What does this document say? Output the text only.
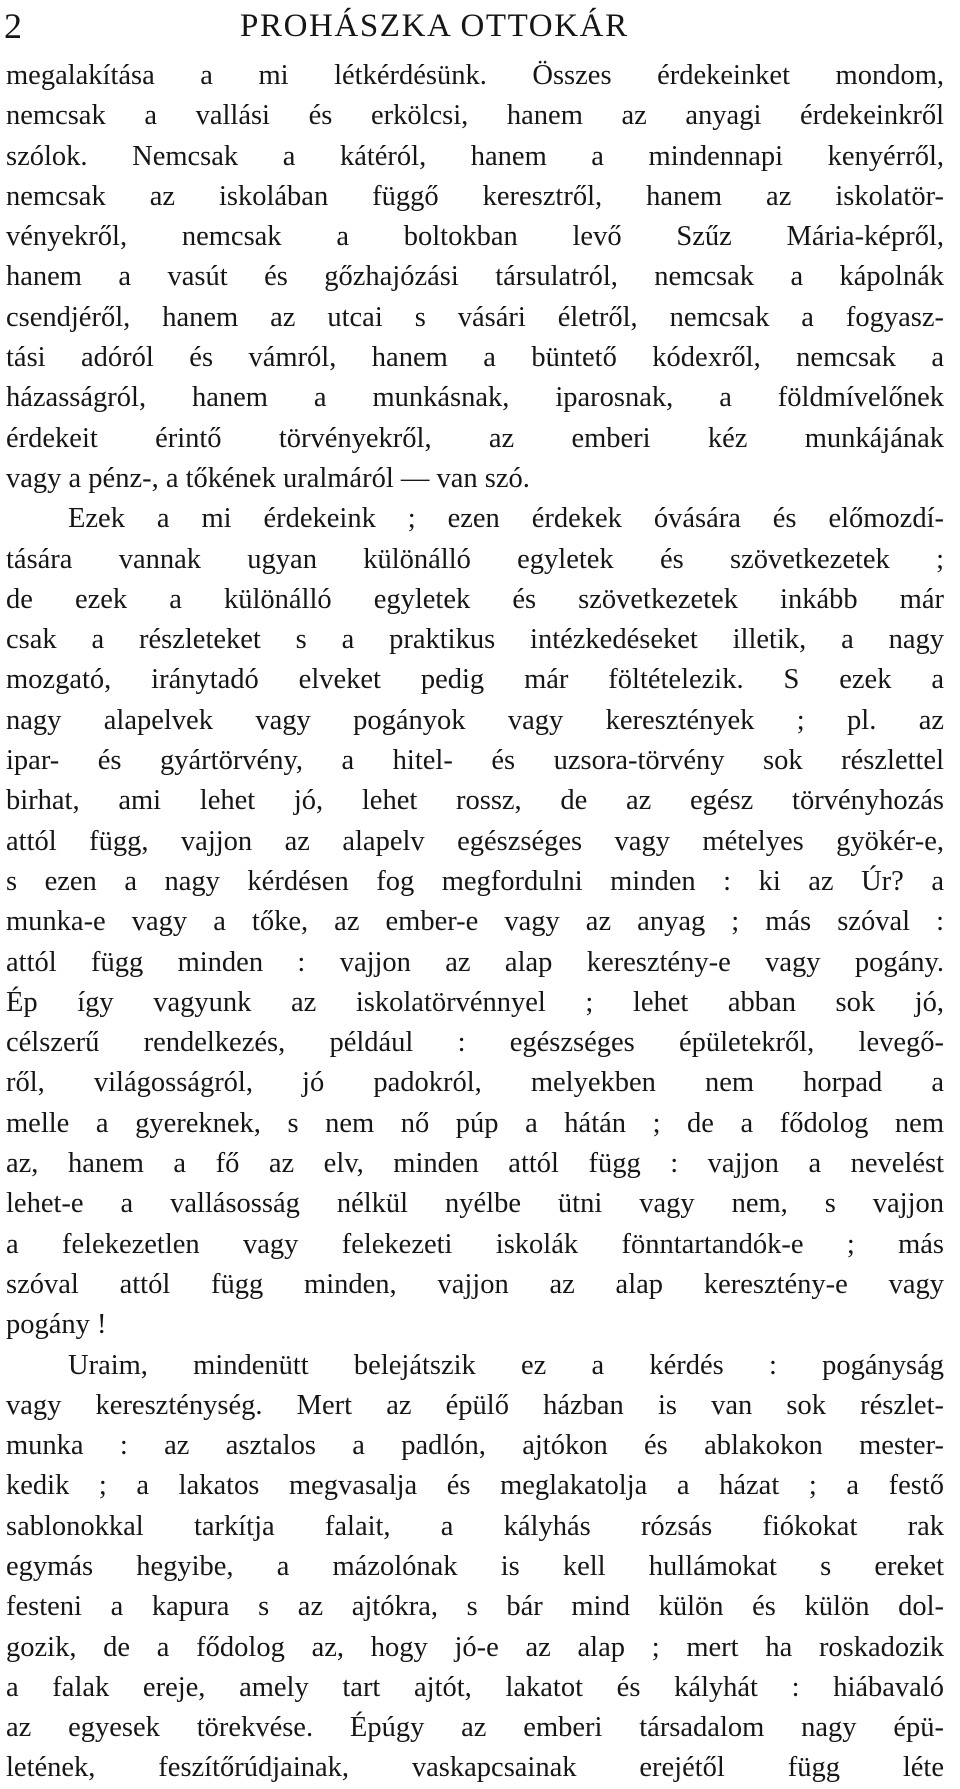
2	PROHÁSZKA OTTOKÁR
megalakítása a mi létkérdésünk. Összes érdekeinket mondom,
nemcsak a vallási és erkölcsi, hanem az anyagi érdekeinkről
szólok. Nemcsak a kátéról, hanem a mindennapi kenyérről,
nemcsak az iskolában függő keresztről, hanem az iskolatör-
vényekről, nemcsak a boltokban levő Szűz Mária-képről,
hanem a vasút és gőzhajózási társulatról, nemcsak a kápolnák
csendjéről, hanem az utcai s vásári életről, nemcsak a fogyasz-
tási adóról és vámról, hanem a büntető kódexről, nemcsak a
házasságról, hanem a munkásnak, iparosnak, a földmívelőnek
érdekeit érintő törvényekről, az emberi kéz munkájának
vagy a pénz-, a tőkének uralmáról — van szó.
Ezek a mi érdekeink ; ezen érdekek óvására és előmozdí-
tására vannak ugyan különálló egyletek és szövetkezetek ;
de ezek a különálló egyletek és szövetkezetek inkább már
csak a részleteket s a praktikus intézkedéseket illetik, a nagy
mozgató, iránytadó elveket pedig már föltételezik. S ezek a
nagy alapelvek vagy pogányok vagy keresztények ; pl. az
ipar- és gyártörvény, a hitel- és uzsora-törvény sok részlettel
birhat, ami lehet jó, lehet rossz, de az egész törvényhozás
attól függ, vajjon az alapelv egészséges vagy mételyes gyökér-e,
s ezen a nagy kérdésen fog megfordulni minden : ki az Úr? a
munka-e vagy a tőke, az ember-e vagy az anyag ; más szóval :
attól függ minden : vajjon az alap keresztény-e vagy pogány.
Ép így vagyunk az iskolatörvénnyel ; lehet abban sok jó,
célszerű rendelkezés, például : egészséges épületekről, levegő-
ről, világosságról, jó padokról, melyekben nem horpad a
melle a gyereknek, s nem nő púp a hátán ; de a fődolog nem
az, hanem a fő az elv, minden attól függ : vajjon a nevelést
lehet-e a vallásosság nélkül nyélbe ütni vagy nem, s vajjon
a felekezetlen vagy felekezeti iskolák fönntartandók-e ; más
szóval attól függ minden, vajjon az alap keresztény-e vagy
pogány !
Uraim, mindenütt belejátszik ez a kérdés : pogányság
vagy kereszténység. Mert az épülő házban is van sok részlet-
munka : az asztalos a padlón, ajtókon és ablakokon mester-
kedik ; a lakatos megvasalja és meglakatolja a házat ; a festő
sablonokkal tarkítja falait, a kályhás rózsás fiókokat rak
egymás hegyibe, a mázolónak is kell hullámokat s ereket
festeni a kapura s az ajtókra, s bár mind külön és külön dol-
gozik, de a fődolog az, hogy jó-e az alap ; mert ha roskadozik
a falak ereje, amely tart ajtót, lakatot és kályhát : hiábavaló
az egyesek törekvése. Épúgy az emberi társadalom nagy épü-
letének, feszítőrúdjainak, vaskapcsainak erejétől függ léte
